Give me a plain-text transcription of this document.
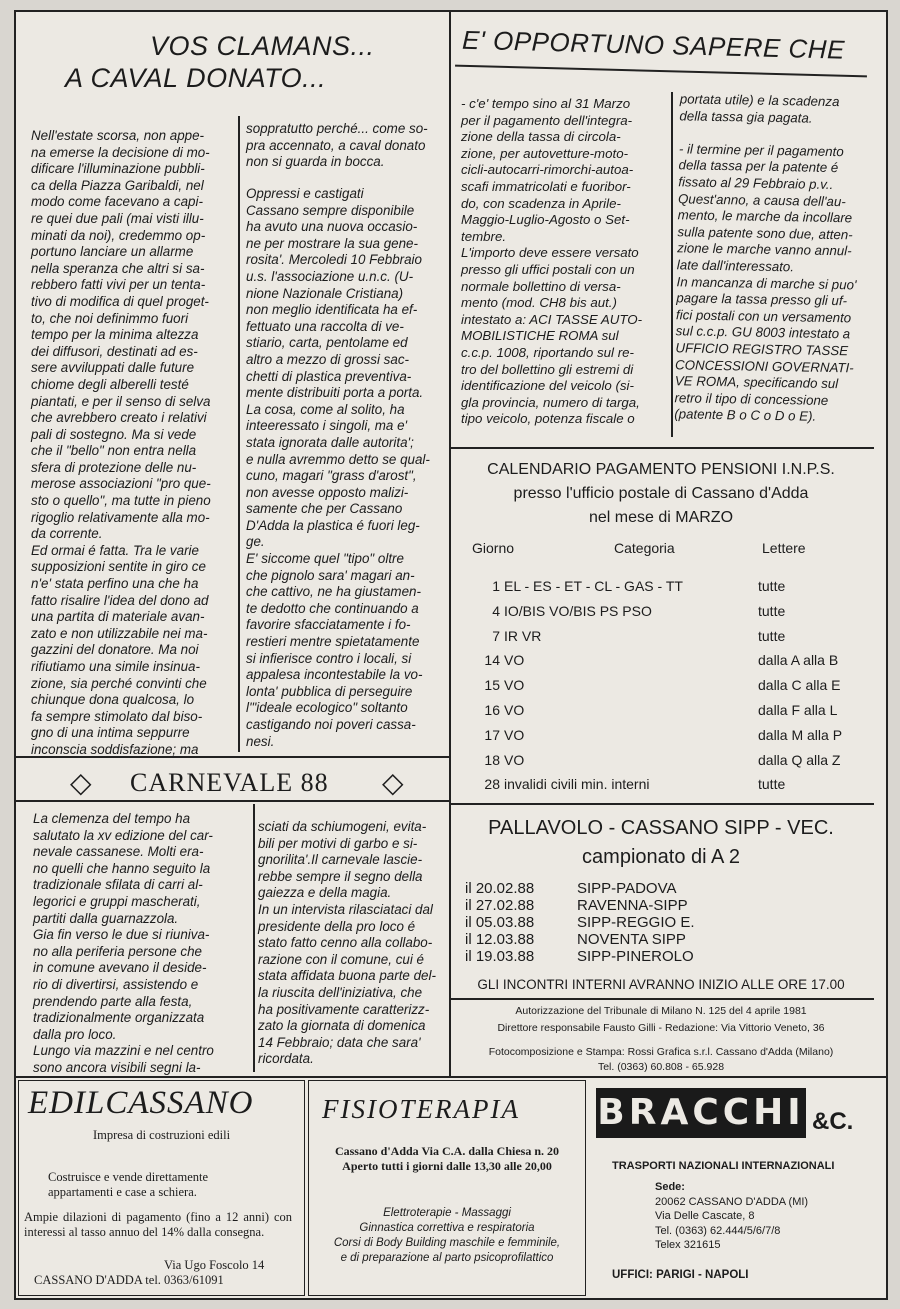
VOS CLAMANS...
A CAVAL DONATO...
Nell'estate scorsa, non appe-
na emerse la decisione di mo-
dificare l'illuminazione pubbli-
ca della Piazza Garibaldi, nel
modo come facevano a capi-
re quei due pali (mai visti illu-
minati da noi), credemmo op-
portuno lanciare un allarme
nella speranza che altri si sa-
rebbero fatti vivi per un tenta-
tivo di modifica di quel proget-
to, che noi definimmo fuori
tempo per la minima altezza
dei diffusori, destinati ad es-
sere avviluppati dalle future
chiome degli alberelli testé
piantati, e per il senso di selva
che avrebbero creato i relativi
pali di sostegno. Ma si vede
che il "bello" non entra nella
sfera di protezione delle nu-
merose associazioni "pro que-
sto o quello", ma tutte in pieno
rigoglio relativamente alla mo-
da corrente.
Ed ormai é fatta. Tra le varie
supposizioni sentite in giro ce
n'e' stata perfino una che ha
fatto risalire l'idea del dono ad
una partita di materiale avan-
zato e non utilizzabile nei ma-
gazzini del donatore. Ma noi
rifiutiamo una simile insinua-
zione, sia perché convinti che
chiunque dona qualcosa, lo
fa sempre stimolato dal biso-
gno di una intima seppurre
inconscia soddisfazione; ma
soppratutto perché... come so-
pra accennato, a caval donato
non si guarda in bocca.
Oppressi e castigati
Cassano sempre disponibile
ha avuto una nuova occasio-
ne per mostrare la sua gene-
rosita'. Mercoledi 10 Febbraio
u.s. l'associazione u.n.c. (U-
nione Nazionale Cristiana)
non meglio identificata ha ef-
fettuato una raccolta di ve-
stiario, carta, pentolame ed
altro a mezzo di grossi sac-
chetti di plastica preventiva-
mente distribuiti porta a porta.
La cosa, come al solito, ha
inteeressato i singoli, ma e'
stata ignorata dalle autorita';
e nulla avremmo detto se qual-
cuno, magari "grass d'arost",
non avesse opposto malizi-
samente che per Cassano
D'Adda la plastica é fuori leg-
ge.
E' siccome quel "tipo" oltre
che pignolo sara' magari an-
che cattivo, ne ha giustamen-
te dedotto che continuando a
favorire sfacciatamente i fo-
restieri mentre spietatamente
si infierisce contro i locali, si
appalesa incontestabile la vo-
lonta' pubblica di perseguire
l'"ideale ecologico" soltanto
castigando noi poveri cassa-
nesi.
E' OPPORTUNO SAPERE CHE
- c'e' tempo sino al 31 Marzo
per il pagamento dell'integra-
zione della tassa di circola-
zione, per autovetture-moto-
cicli-autocarri-rimorchi-autoa-
scafi immatricolati e fuoribor-
do, con scadenza in Aprile-
Maggio-Luglio-Agosto o Set-
tembre.
L'importo deve essere versato
presso gli uffici postali con un
normale bollettino di versa-
mento (mod. CH8 bis aut.)
intestato a: ACI TASSE AUTO-
MOBILISTICHE ROMA sul
c.c.p. 1008, riportando sul re-
tro del bollettino gli estremi di
identificazione del veicolo (si-
gla provincia, numero di targa,
tipo veicolo, potenza fiscale o
portata utile) e la scadenza
della tassa gia pagata.

- il termine per il pagamento
della tassa per la patente é
fissato al 29 Febbraio p.v..
Quest'anno, a causa dell'au-
mento, le marche da incollare
sulla patente sono due, atten-
zione le marche vanno annul-
late dall'interessato.
In mancanza di marche si puo'
pagare la tassa presso gli uf-
fici postali con un versamento
sul c.c.p. GU 8003 intestato a
UFFICIO REGISTRO TASSE
CONCESSIONI GOVERNATI-
VE ROMA, specificando sul
retro il tipo di concessione
(patente B o C o D o E).
CALENDARIO PAGAMENTO PENSIONI I.N.P.S.
presso l'ufficio postale di Cassano d'Adda
nel mese di MARZO
Giorno	Categoria	Lettere
1 EL - ES - ET - CL - GAS - TT	tutte
4 IO/BIS VO/BIS PS PSO	tutte
7 IR VR	tutte
14 VO	dalla A alla B
15 VO	dalla C alla E
16 VO	dalla F alla L
17 VO	dalla M alla P
18 VO	dalla Q alla Z
28 invalidi civili min. interni	tutte
◇ CARNEVALE 88 ◇
La clemenza del tempo ha
salutato la xv edizione del car-
nevale cassanese. Molti era-
no quelli che hanno seguito la
tradizionale sfilata di carri al-
legorici e gruppi mascherati,
partiti dalla guarnazzola.
Gia fin verso le due si riuniva-
no alla periferia persone che
in comune avevano il deside-
rio di divertirsi, assistendo e
prendendo parte alla festa,
tradizionalmente organizzata
dalla pro loco.
Lungo via mazzini e nel centro
sono ancora visibili segni la-
sciati da schiumogeni, evita-
bili per motivi di garbo e si-
gnorilita'.Il carnevale lascie-
rebbe sempre il segno della
gaiezza e della magia.
In un intervista rilasciataci dal
presidente della pro loco é
stato fatto cenno alla collabo-
razione con il comune, cui é
stata affidata buona parte del-
la riuscita dell'iniziativa, che
ha positivamente caratterizz-
zato la giornata di domenica
14 Febbraio; data che sara'
ricordata.
PALLAVOLO - CASSANO SIPP - VEC.
campionato di A 2
il 20.02.88	SIPP-PADOVA
il 27.02.88	RAVENNA-SIPP
il 05.03.88	SIPP-REGGIO E.
il 12.03.88	NOVENTA SIPP
il 19.03.88	SIPP-PINEROLO
GLI INCONTRI INTERNI AVRANNO INIZIO ALLE ORE 17.00
Autorizzazione del Tribunale di Milano N. 125 del 4 aprile 1981
Direttore responsabile Fausto Gilli - Redazione: Via Vittorio Veneto, 36
Fotocomposizione e Stampa: Rossi Grafica s.r.l. Cassano d'Adda (Milano)
Tel. (0363) 60.808 - 65.928
EDILCASSANO
Impresa di costruzioni edili
Costruisce e vende direttamente appartamenti e case a schiera.
Ampie dilazioni di pagamento (fino a 12 anni) con interessi al tasso annuo del 14% dalla consegna.
Via Ugo Foscolo 14
CASSANO D'ADDA tel. 0363/61091
FISIOTERAPIA
Cassano d'Adda Via C.A. dalla Chiesa n. 20
Aperto tutti i giorni dalle 13,30 alle 20,00
Elettroterapie - Massaggi
Ginnastica correttiva e respiratoria
Corsi di Body Building maschile e femminile,
e di preparazione al parto psicoprofilattico
BRACCHI &C.
TRASPORTI NAZIONALI INTERNAZIONALI
Sede:
20062 CASSANO D'ADDA (MI)
Via Delle Cascate, 8
Tel. (0363) 62.444/5/6/7/8
Telex 321615
UFFICI: PARIGI - NAPOLI
